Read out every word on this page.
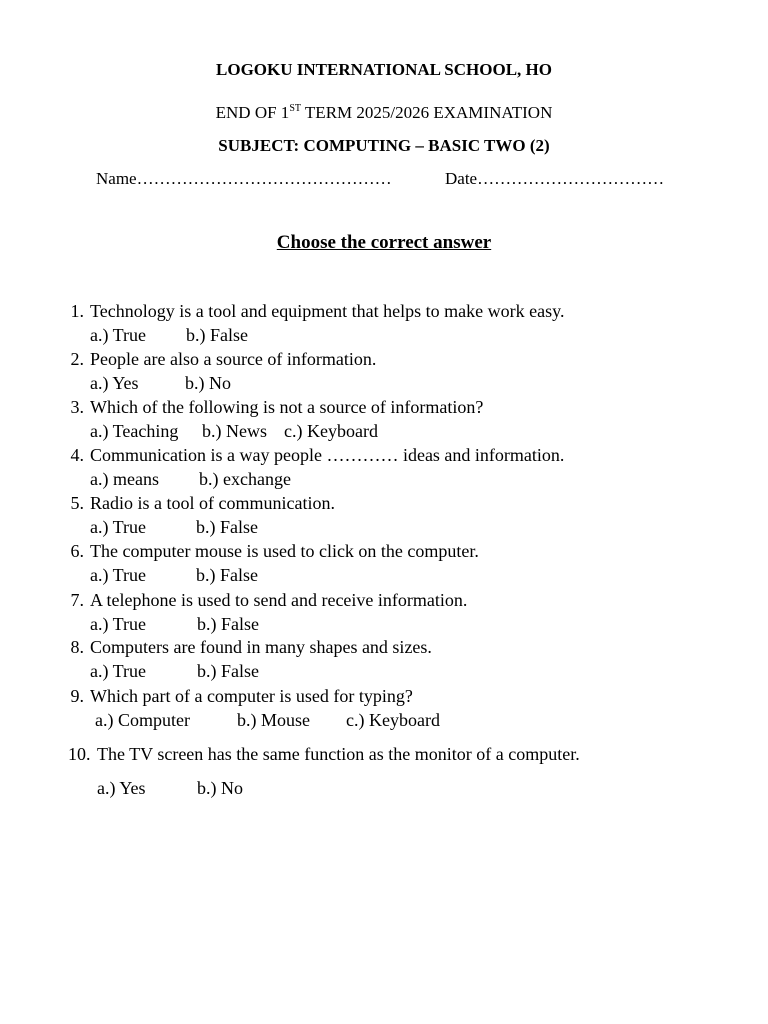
LOGOKU INTERNATIONAL SCHOOL, HO
END OF 1ST TERM 2025/2026 EXAMINATION
SUBJECT: COMPUTING – BASIC TWO (2)
Name………………………………………	Date……………………………
Choose the correct answer
1. Technology is a tool and equipment that helps to make work easy.
a.) True b.) False
2. People are also a source of information.
a.) Yes	b.) No
3. Which of the following is not a source of information?
a.) Teaching b.) News c.) Keyboard
4. Communication is a way people ………… ideas and information.
a.) means b.) exchange
5. Radio is a tool of communication.
a.) True	b.) False
6. The computer mouse is used to click on the computer.
a.) True	b.) False
7. A telephone is used to send and receive information.
a.) True	b.) False
8. Computers are found in many shapes and sizes.
a.) True	b.) False
9. Which part of a computer is used for typing?
a.) Computer	b.) Mouse c.) Keyboard
10. The TV screen has the same function as the monitor of a computer.
a.) Yes	b.) No
